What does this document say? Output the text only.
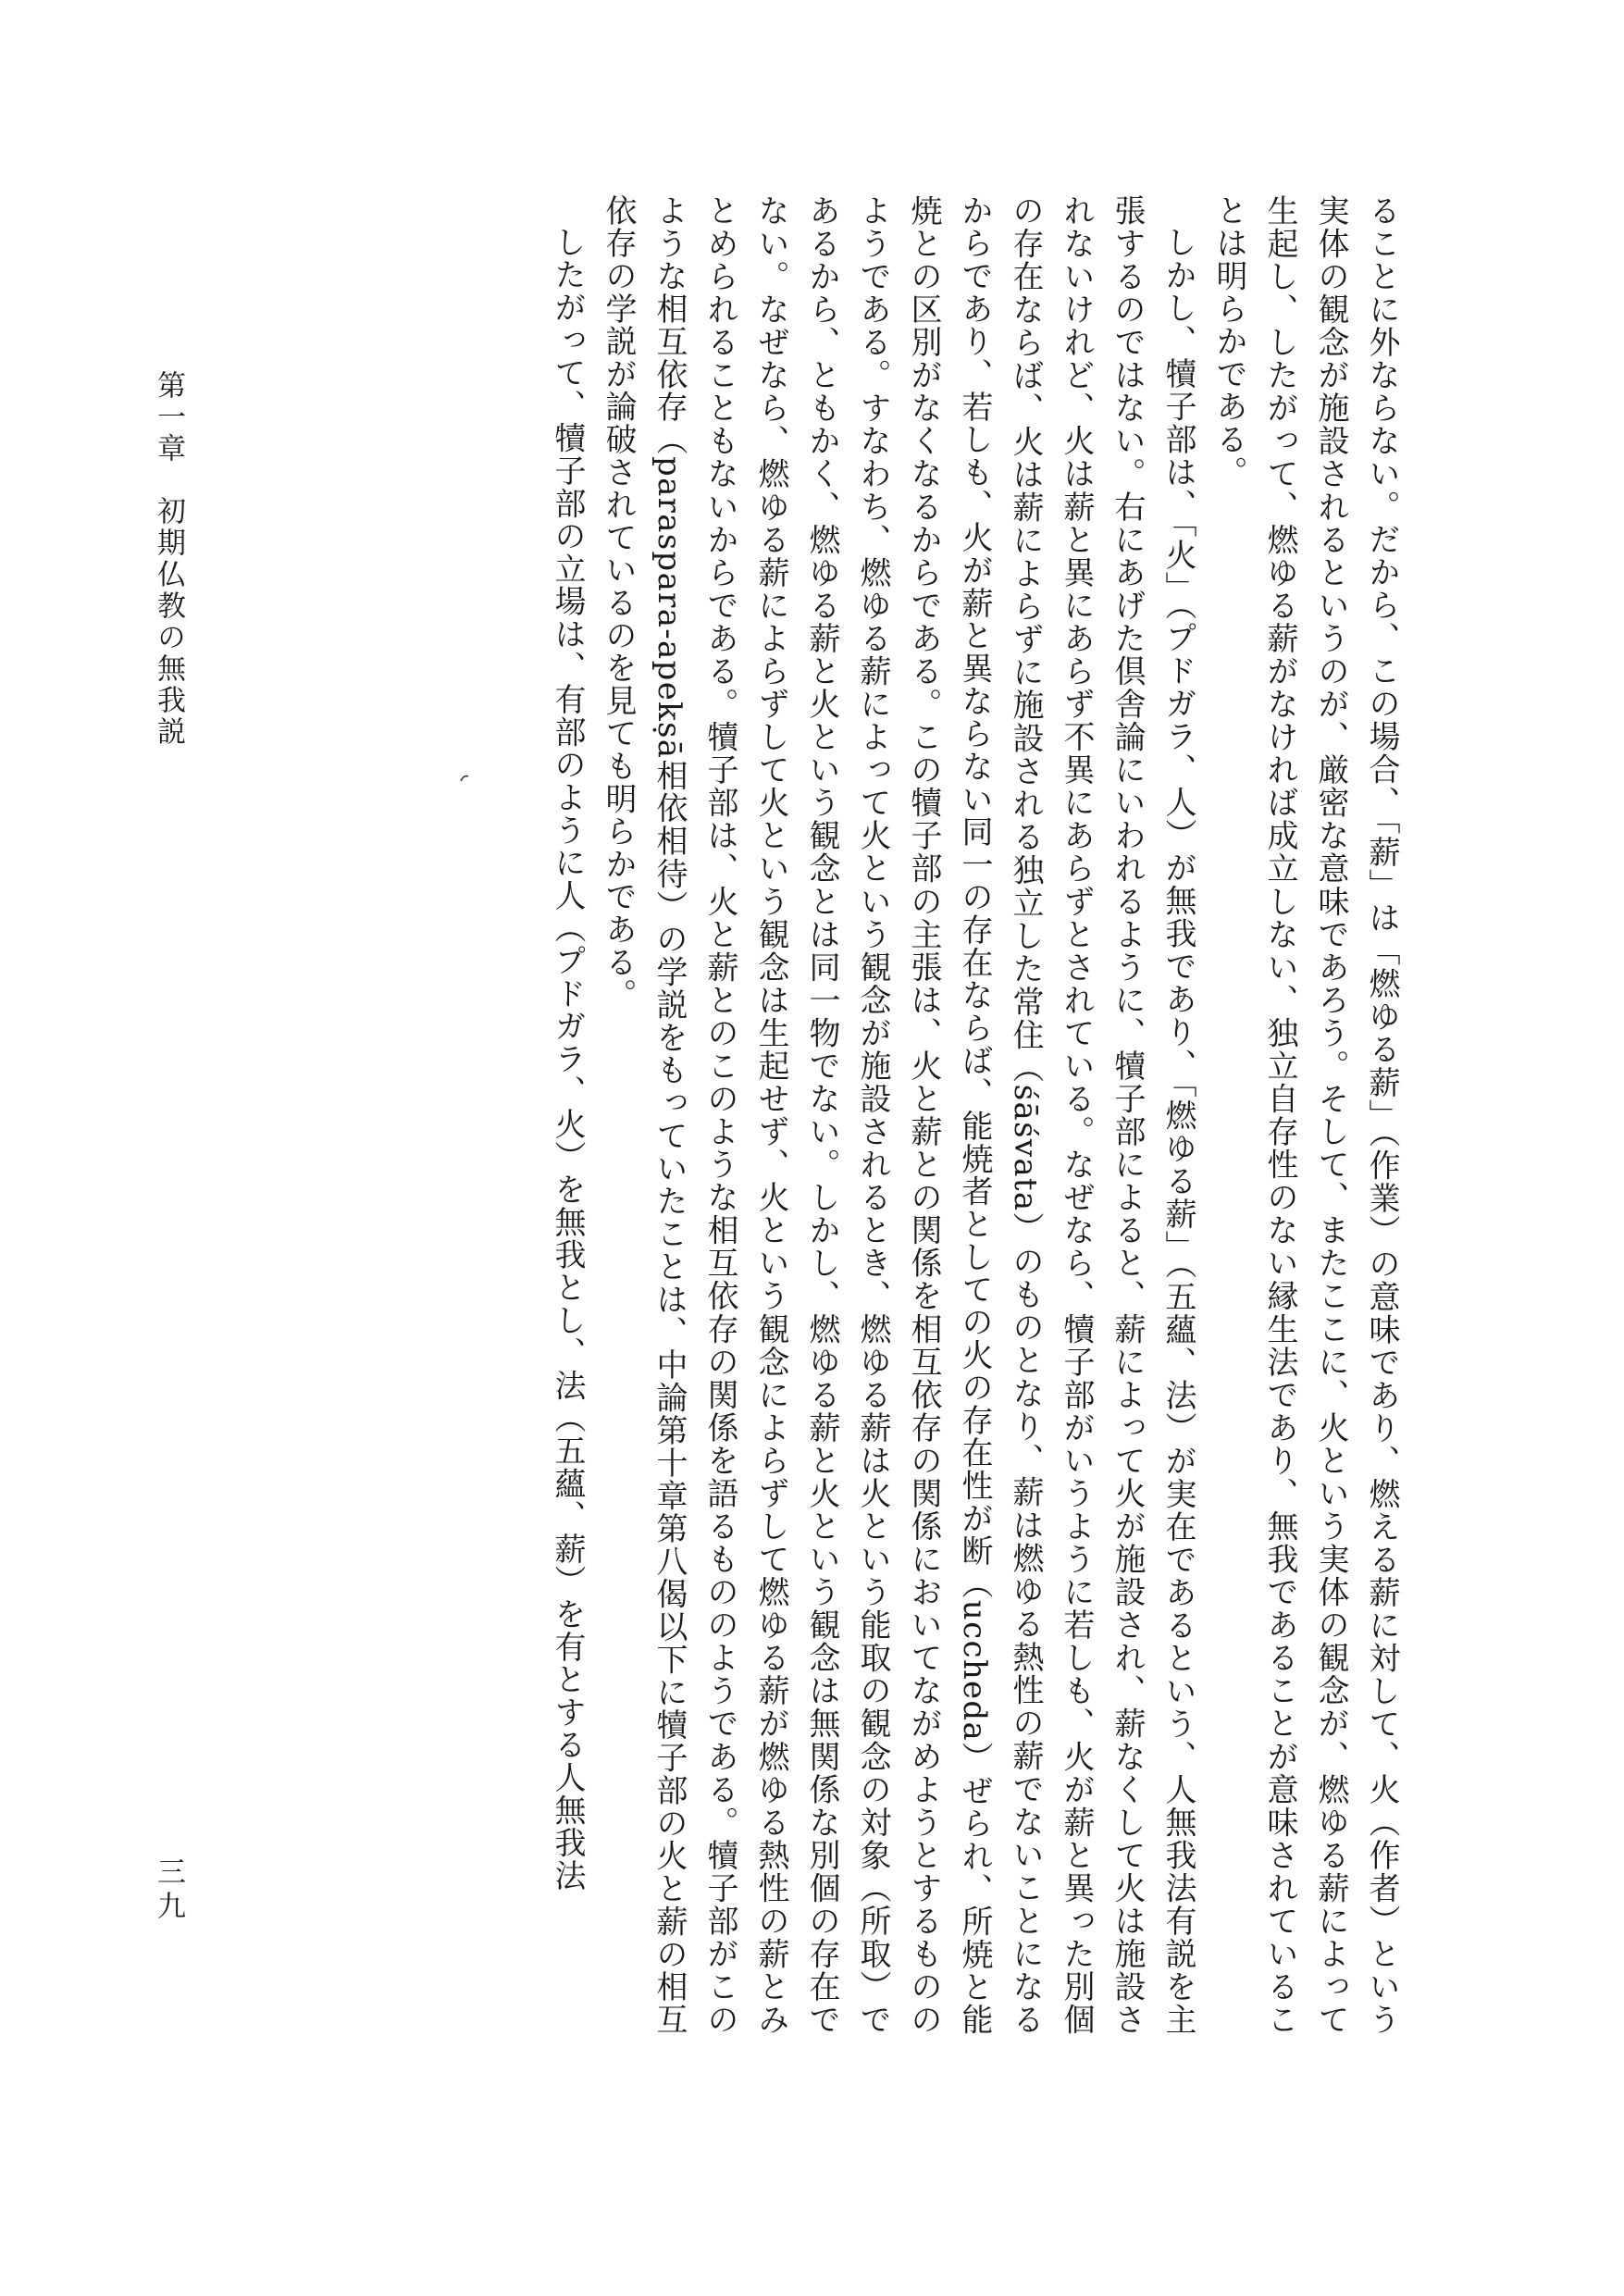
ることに外ならない。だから、この場合、「薪」は「燃ゆる薪」（作業）の意味であり、燃える薪に対して、火（作者）という実体の観念が施設されるというのが、厳密な意味であろう。そして、またここに、火という実体の観念が、燃ゆる薪によって生起し、したがって、燃ゆる薪がなければ成立しない、独立自存性のない縁生法であり、無我であることが意味されていることは明らかである。

しかし、犢子部は、「火」（プドガラ、人）が無我であり、「燃ゆる薪」（五蘊、法）が実在であるという、人無我法有説を主張するのではない。右にあげた倶舎論にいわれるように、犢子部によると、薪によって火が施設され、薪なくして火は施設されないけれど、火は薪と異にあらず不異にあらずとされている。なぜなら、犢子部がいうように若しも、火が薪と異った別個の存在ならば、火は薪によらずに施設される独立した常住（śāśvata）のものとなり、薪は燃ゆる熱性の薪でないことになるからであり、若しも、火が薪と異ならない同一の存在ならば、能焼者としての火の存在性が断（uccheda）ぜられ、所焼と能焼との区別がなくなるからである。この犢子部の主張は、火と薪との関係を相互依存の関係においてながめようとするもののようである。すなわち、燃ゆる薪によって火という観念が施設されるとき、燃ゆる薪は火という能取の観念の対象（所取）であるから、ともかく、燃ゆる薪と火という観念とは同一物でない。しかし、燃ゆる薪と火という観念は無関係な別個の存在でない。なぜなら、燃ゆる薪によらずして火という観念は生起せず、火という観念によらずして燃ゆる薪が燃ゆる熱性の薪とみとめられることもないからである。犢子部は、火と薪とのこのような相互依存の関係を語るもののようである。犢子部がこのような相互依存（paraspara-apekṣā相依相待）の学説をもっていたことは、中論第十章第八偈以下に犢子部の火と薪の相互依存の学説が論破されているのを見ても明らかである。

したがって、犢子部の立場は、有部のように人（プドガラ、火）を無我とし、法（五蘊、薪）を有とする人無我法

第一章　初期仏教の無我説
三九
